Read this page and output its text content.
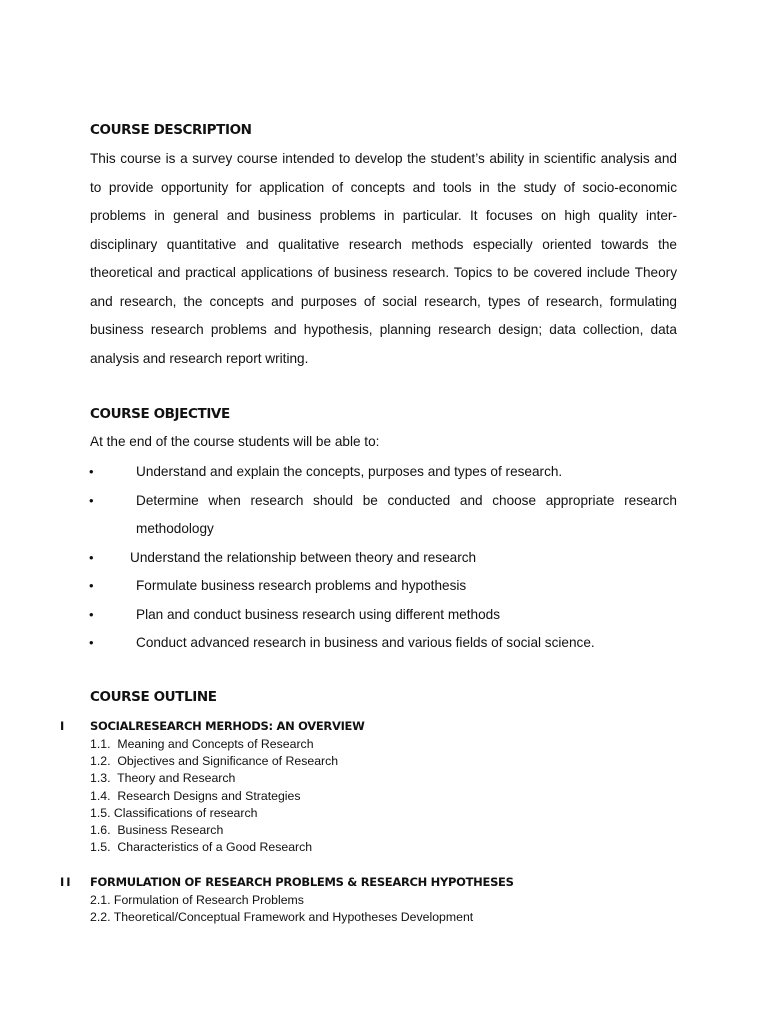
COURSE DESCRIPTION

This course is a survey course intended to develop the student’s ability in scientific analysis and to provide opportunity for application of concepts and tools in the study of socio-economic problems in general and business problems in particular. It focuses on high quality inter-disciplinary quantitative and qualitative research methods especially oriented towards the theoretical and practical applications of business research. Topics to be covered include Theory and research, the concepts and purposes of social research, types of research, formulating business research problems and hypothesis, planning research design; data collection, data analysis and research report writing.

COURSE OBJECTIVE

At the end of the course students will be able to:

•	Understand and explain the concepts, purposes and types of research.
•	Determine when research should be conducted and choose appropriate research methodology
•	Understand the relationship between theory and research
•	Formulate business research problems and hypothesis
•	Plan and conduct business research using different methods
•	Conduct advanced research in business and various fields of social science.
COURSE OUTLINE
I SOCIALRESEARCH MERHODS: AN OVERVIEW
1.1.  Meaning and Concepts of Research
1.2.  Objectives and Significance of Research
1.3.  Theory and Research
1.4.  Research Designs and Strategies
1.5. Classifications of research
1.6.  Business Research
1.5.  Characteristics of a Good Research
II FORMULATION OF RESEARCH PROBLEMS & RESEARCH HYPOTHESES
2.1. Formulation of Research Problems
2.2. Theoretical/Conceptual Framework and Hypotheses Development
